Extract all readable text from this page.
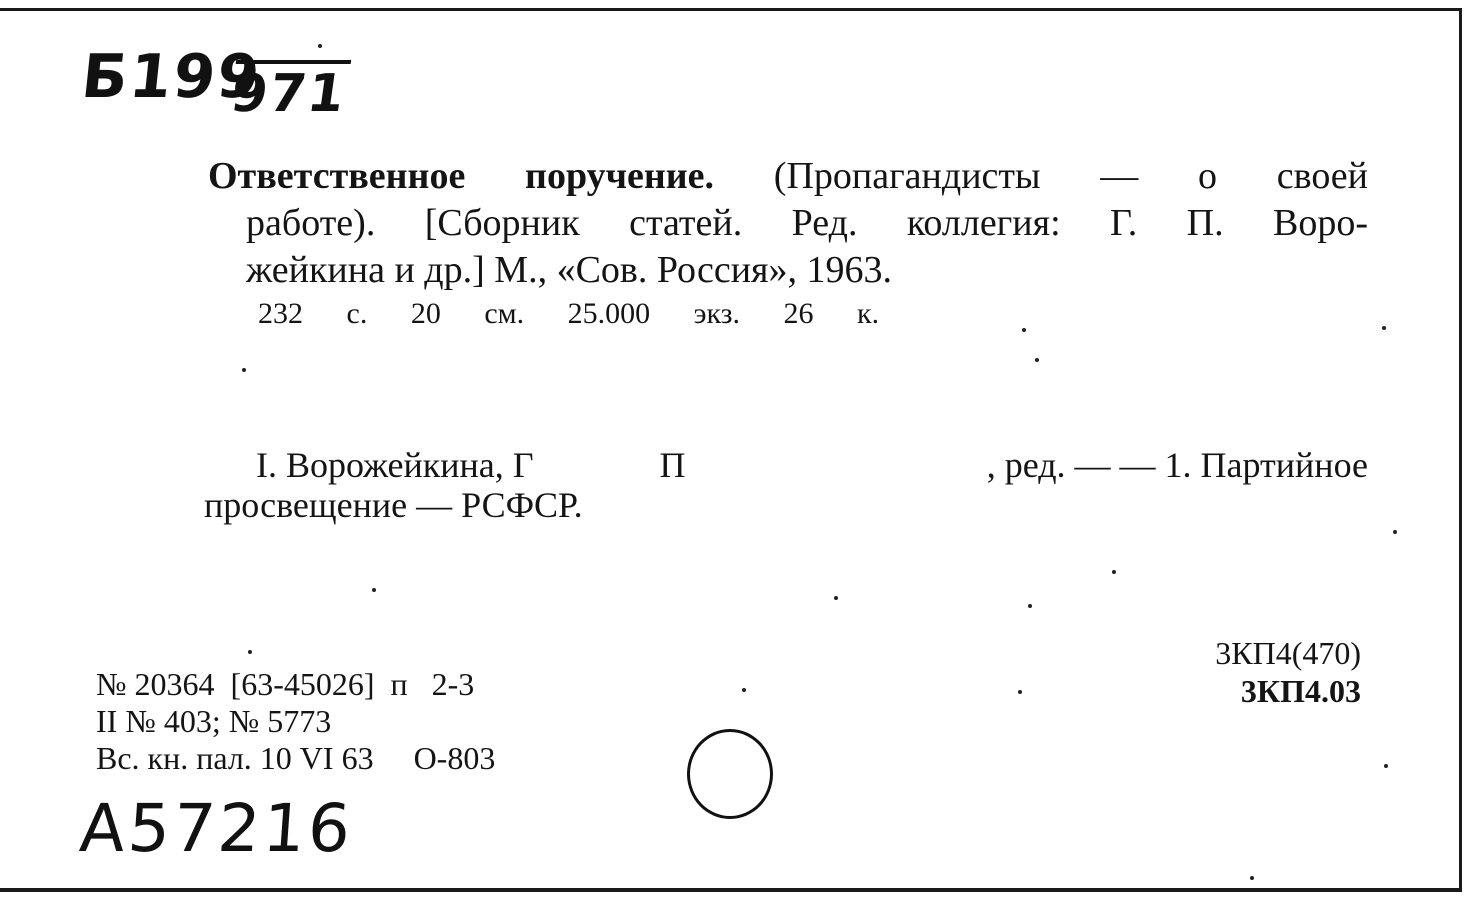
Б199
971

Ответственное поручение. (Пропагандисты — о своей

работе). [Сборник статей. Ред. коллегия: Г. П. Воро-

жейкина и др.] М., «Сов. Россия», 1963.

232 с. 20 см. 25.000 экз. 26 к.

I. Ворожейкина, Г              П	, ред. — — 1. Партийное

просвещение — РСФСР.

№ 20364  [63-45026]  п   2-3

II № 403; № 5773

Вс. кн. пал. 10 VI 63     О-803

3КП4(470)

3КП4.03

А57216
